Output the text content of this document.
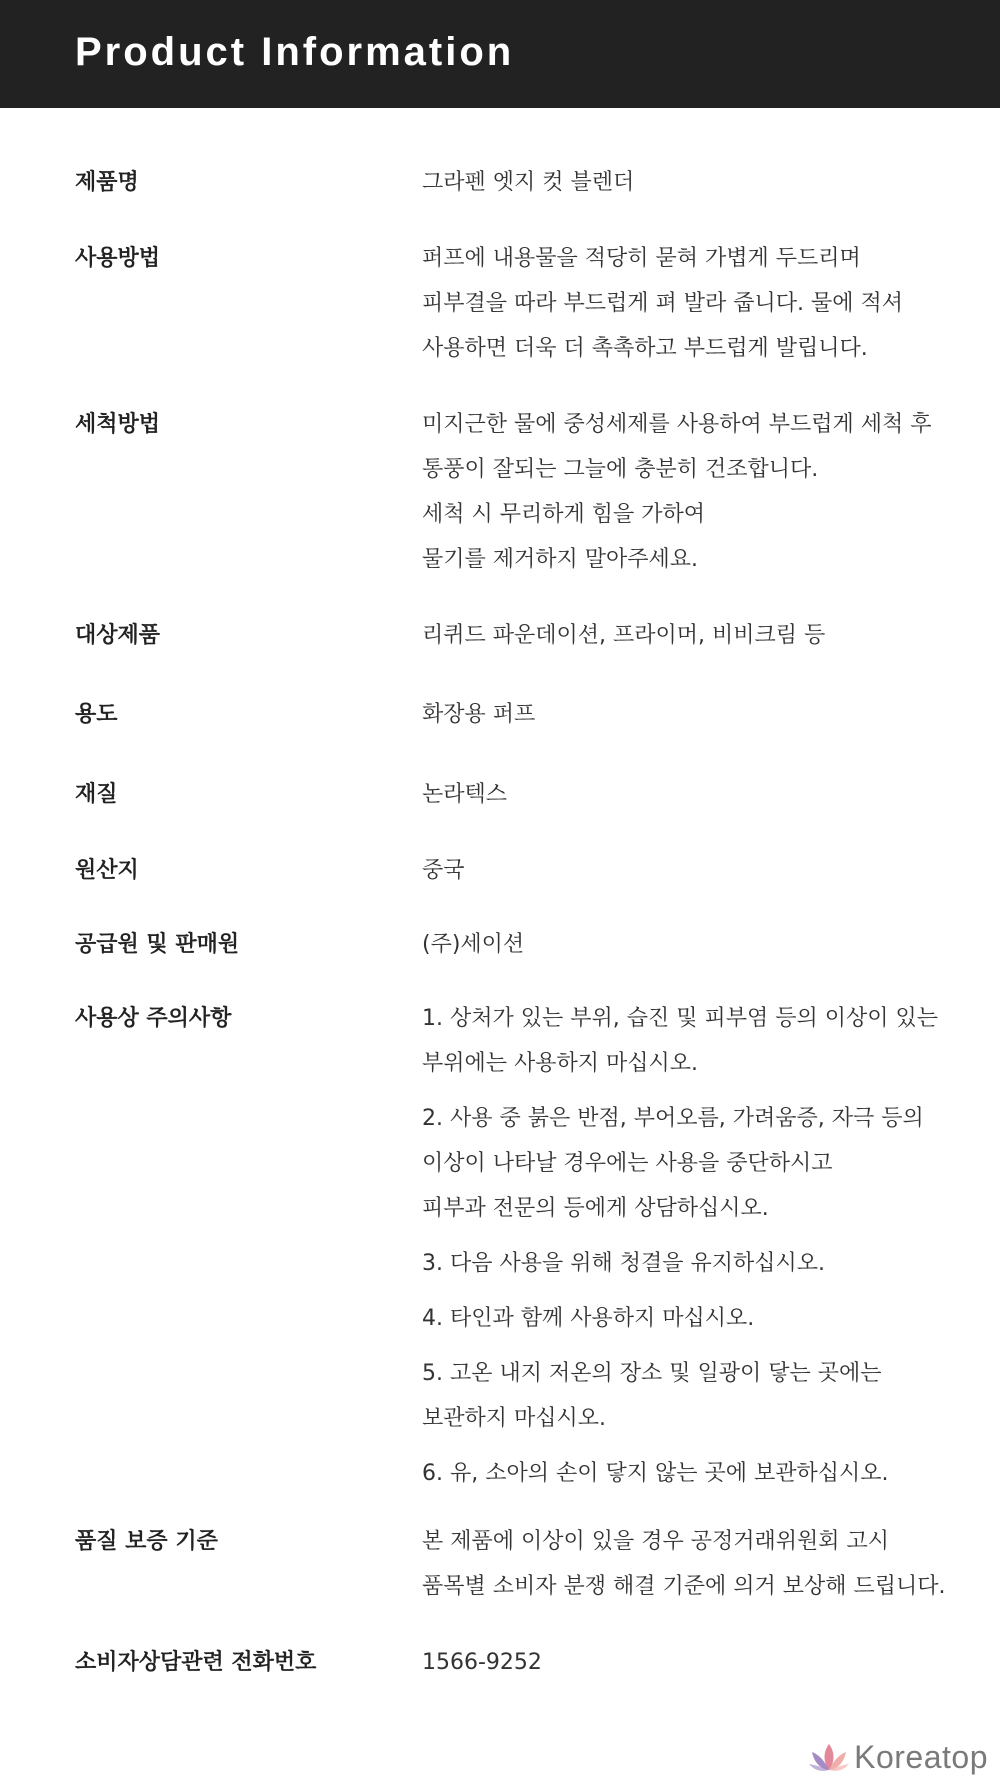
Product Information
제품명	그라펜 엣지 컷 블렌더
사용방법	퍼프에 내용물을 적당히 묻혀 가볍게 두드리며
피부결을 따라 부드럽게 펴 발라 줍니다. 물에 적셔
사용하면 더욱 더 촉촉하고 부드럽게 발립니다.
세척방법	미지근한 물에 중성세제를 사용하여 부드럽게 세척 후
통풍이 잘되는 그늘에 충분히 건조합니다.
세척 시 무리하게 힘을 가하여
물기를 제거하지 말아주세요.
대상제품	리퀴드 파운데이션, 프라이머, 비비크림 등
용도	화장용 퍼프
재질	논라텍스
원산지	중국
공급원 및 판매원	(주)세이션
사용상 주의사항	1. 상처가 있는 부위, 습진 및 피부염 등의 이상이 있는
부위에는 사용하지 마십시오.
2. 사용 중 붉은 반점, 부어오름, 가려움증, 자극 등의
이상이 나타날 경우에는 사용을 중단하시고
피부과 전문의 등에게 상담하십시오.
3. 다음 사용을 위해 청결을 유지하십시오.
4. 타인과 함께 사용하지 마십시오.
5. 고온 내지 저온의 장소 및 일광이 닿는 곳에는
보관하지 마십시오.
6. 유, 소아의 손이 닿지 않는 곳에 보관하십시오.
품질 보증 기준	본 제품에 이상이 있을 경우 공정거래위원회 고시
품목별 소비자 분쟁 해결 기준에 의거 보상해 드립니다.
소비자상담관련 전화번호	1566-9252
Koreatop
